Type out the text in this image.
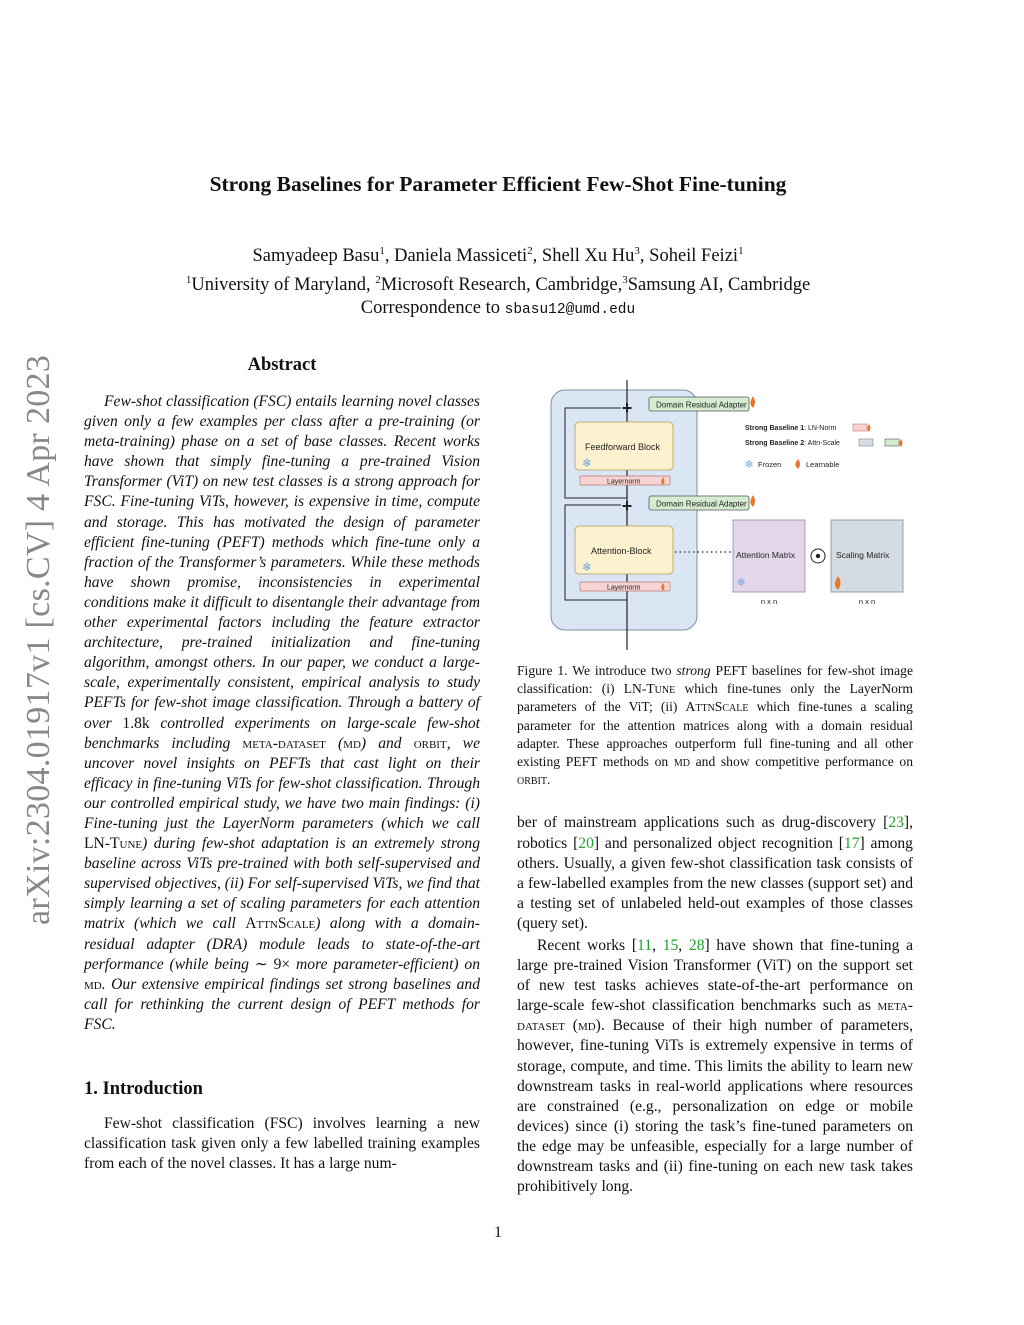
Strong Baselines for Parameter Efficient Few-Shot Fine-tuning
Samyadeep Basu$^1$, Daniela Massiceti$^2$, Shell Xu Hu$^3$, Soheil Feizi$^1$
$^1$University of Maryland, $^2$Microsoft Research, Cambridge,$^3$Samsung AI, Cambridge
Correspondence to sbasu12@umd.edu
arXiv:2304.01917v1 [cs.CV] 4 Apr 2023	Abstract

Few-shot classification (FSC) entails learning novel classes given only a few examples per class after a pre-training (or meta-training) phase on a set of base classes. Recent works have shown that simply fine-tuning a pre-trained Vision Transformer (ViT) on new test classes is a strong approach for FSC. Fine-tuning ViTs, however, is expensive in time, compute and storage. This has motivated the design of parameter efficient fine-tuning (PEFT) methods which fine-tune only a fraction of the Transformer’s parameters. While these methods have shown promise, inconsistencies in experimental conditions make it difficult to disentangle their advantage from other experimental factors including the feature extractor architecture, pre-trained initialization and fine-tuning algorithm, amongst others. In our paper, we conduct a large-scale, experimentally consistent, empirical analysis to study PEFTs for few-shot image classification. Through a battery of over 1.8k controlled experiments on large-scale few-shot benchmarks including meta-dataset (md) and orbit, we uncover novel insights on PEFTs that cast light on their efficacy in fine-tuning ViTs for few-shot classification. Through our controlled empirical study, we have two main findings: (i) Fine-tuning just the LayerNorm parameters (which we call LN-Tune) during few-shot adaptation is an extremely strong baseline across ViTs pre-trained with both self-supervised and supervised objectives, (ii) For self-supervised ViTs, we find that simply learning a set of scaling parameters for each attention matrix (which we call AttnScale) along with a domain-residual adapter (DRA) module leads to state-of-the-art performance (while being ∼ 9× more parameter-efficient) on md. Our extensive empirical findings set strong baselines and call for rethinking the current design of PEFT methods for FSC.

1. Introduction

Few-shot classification (FSC) involves learning a new classification task given only a few labelled training examples from each of the novel classes. It has a large num-

+
+
Domain Residual Adapter
Feedforward Block
❄
Layernorm
Domain Residual Adapter
Attention-Block
❄
Layernorm
Attention Matrix
❄
n x n
Scaling Matrix
n x n
Strong Baseline 1: LN-Norm
Strong Baseline 2: Attn-Scale
❄ Frozen	Learnable

Figure 1. We introduce two strong PEFT baselines for few-shot image classification: (i) LN-Tune which fine-tunes only the LayerNorm parameters of the ViT; (ii) AttnScale which fine-tunes a scaling parameter for the attention matrices along with a domain residual adapter. These approaches outperform full fine-tuning and all other existing PEFT methods on md and show competitive performance on orbit.

ber of mainstream applications such as drug-discovery [23], robotics [20] and personalized object recognition [17] among others. Usually, a given few-shot classification task consists of a few-labelled examples from the new classes (support set) and a testing set of unlabeled held-out examples of those classes (query set).

Recent works [11, 15, 28] have shown that fine-tuning a large pre-trained Vision Transformer (ViT) on the support set of new test tasks achieves state-of-the-art performance on large-scale few-shot classification benchmarks such as meta-dataset (md). Because of their high number of parameters, however, fine-tuning ViTs is extremely expensive in terms of storage, compute, and time. This limits the ability to learn new downstream tasks in real-world applications where resources are constrained (e.g., personalization on edge or mobile devices) since (i) storing the task’s fine-tuned parameters on the edge may be unfeasible, especially for a large number of downstream tasks and (ii) fine-tuning on each new task takes prohibitively long.

1
